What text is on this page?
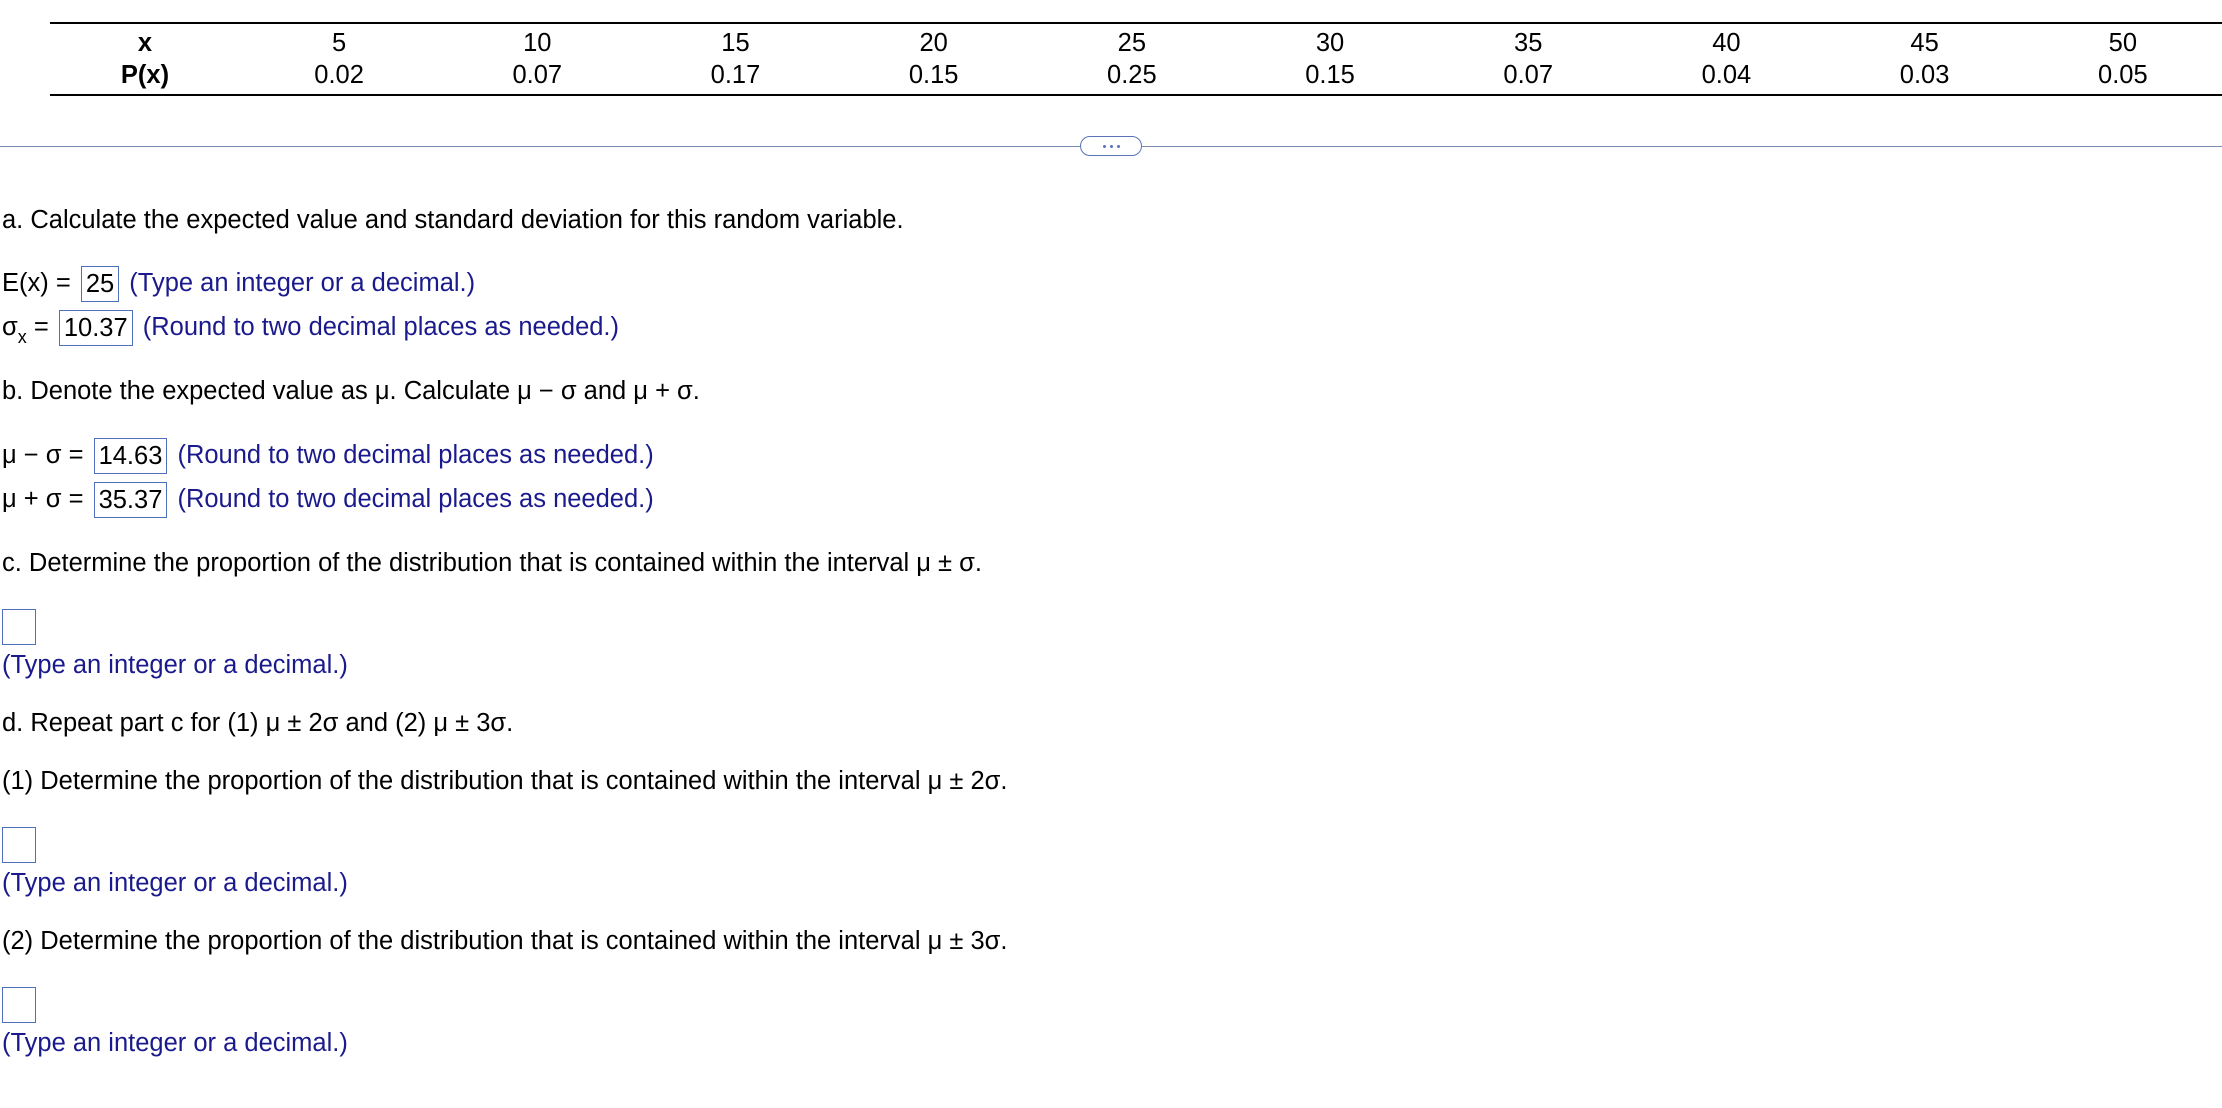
x	5	10	15	20	25	30	35	40	45	50
P(x)	0.02	0.07	0.17	0.15	0.25	0.15	0.07	0.04	0.03	0.05
a. Calculate the expected value and standard deviation for this random variable.
E(x) = 25 (Type an integer or a decimal.)
$\sigma_x = 10.37$ (Round to two decimal places as needed.)
b. Denote the expected value as μ. Calculate μ − σ and μ + σ.
μ − σ = 14.63 (Round to two decimal places as needed.)
μ + σ = 35.37 (Round to two decimal places as needed.)
c. Determine the proportion of the distribution that is contained within the interval μ ± σ.
(Type an integer or a decimal.)
d. Repeat part c for (1) μ ± 2σ and (2) μ ± 3σ.
(1) Determine the proportion of the distribution that is contained within the interval μ ± 2σ.
(Type an integer or a decimal.)
(2) Determine the proportion of the distribution that is contained within the interval μ ± 3σ.
(Type an integer or a decimal.)
